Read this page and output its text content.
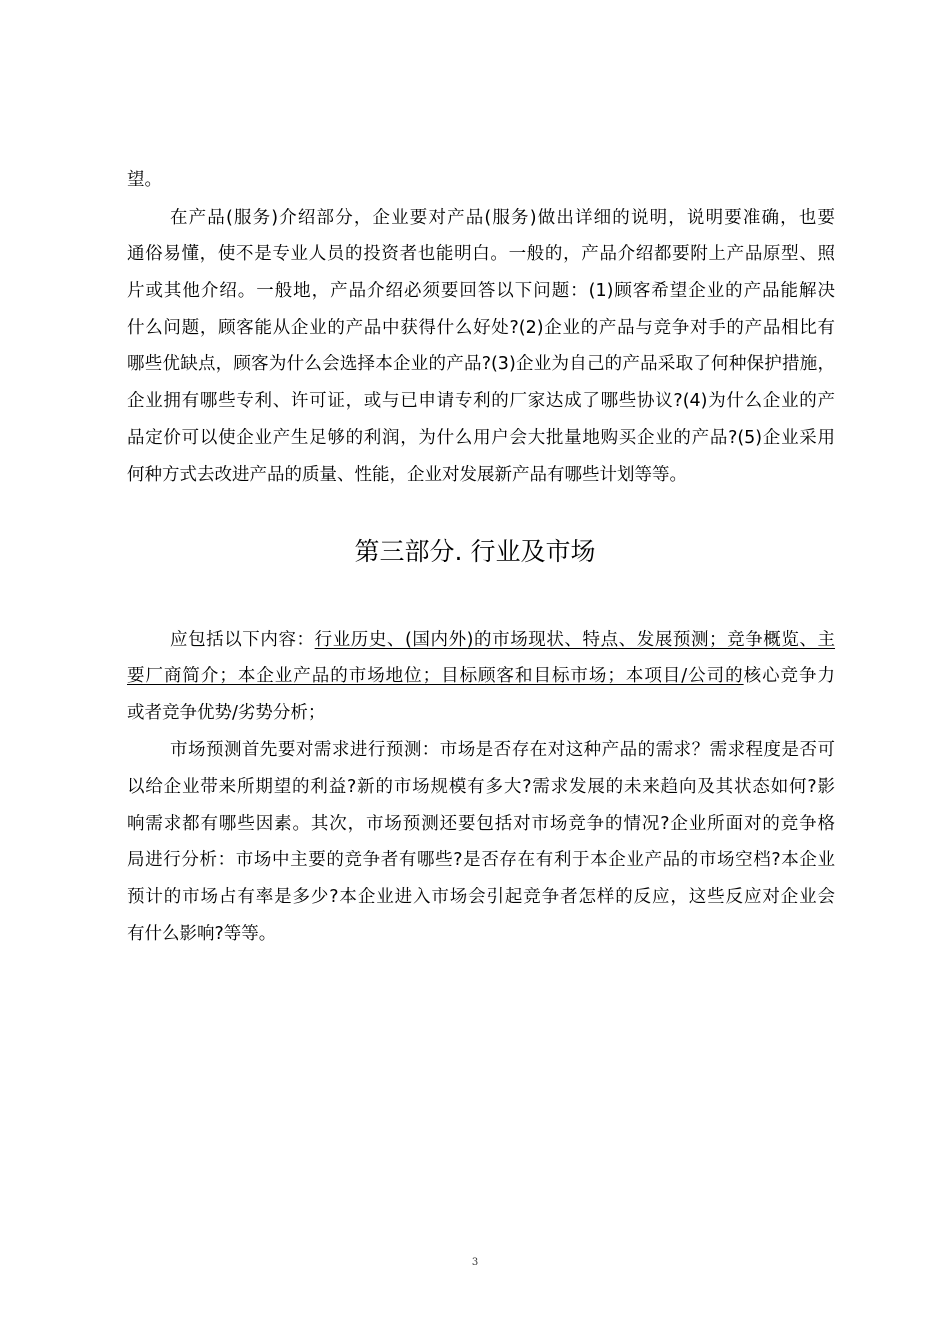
望。
在产品(服务)介绍部分，企业要对产品(服务)做出详细的说明，说明要准确，也要
通俗易懂，使不是专业人员的投资者也能明白。一般的，产品介绍都要附上产品原型、照
片或其他介绍。一般地，产品介绍必须要回答以下问题：(1)顾客希望企业的产品能解决
什么问题，顾客能从企业的产品中获得什么好处?(2)企业的产品与竞争对手的产品相比有
哪些优缺点，顾客为什么会选择本企业的产品?(3)企业为自己的产品采取了何种保护措施，
企业拥有哪些专利、许可证，或与已申请专利的厂家达成了哪些协议?(4)为什么企业的产
品定价可以使企业产生足够的利润，为什么用户会大批量地购买企业的产品?(5)企业采用
何种方式去改进产品的质量、性能，企业对发展新产品有哪些计划等等。
第三部分. 行业及市场
应包括以下内容：行业历史、(国内外)的市场现状、特点、发展预测；竞争概览、主
要厂商简介；本企业产品的市场地位；目标顾客和目标市场；本项目/公司的核心竞争力
或者竞争优势/劣势分析；
市场预测首先要对需求进行预测：市场是否存在对这种产品的需求？需求程度是否可
以给企业带来所期望的利益?新的市场规模有多大?需求发展的未来趋向及其状态如何?影
响需求都有哪些因素。其次，市场预测还要包括对市场竞争的情况?企业所面对的竞争格
局进行分析：市场中主要的竞争者有哪些?是否存在有利于本企业产品的市场空档?本企业
预计的市场占有率是多少?本企业进入市场会引起竞争者怎样的反应，这些反应对企业会
有什么影响?等等。
3
